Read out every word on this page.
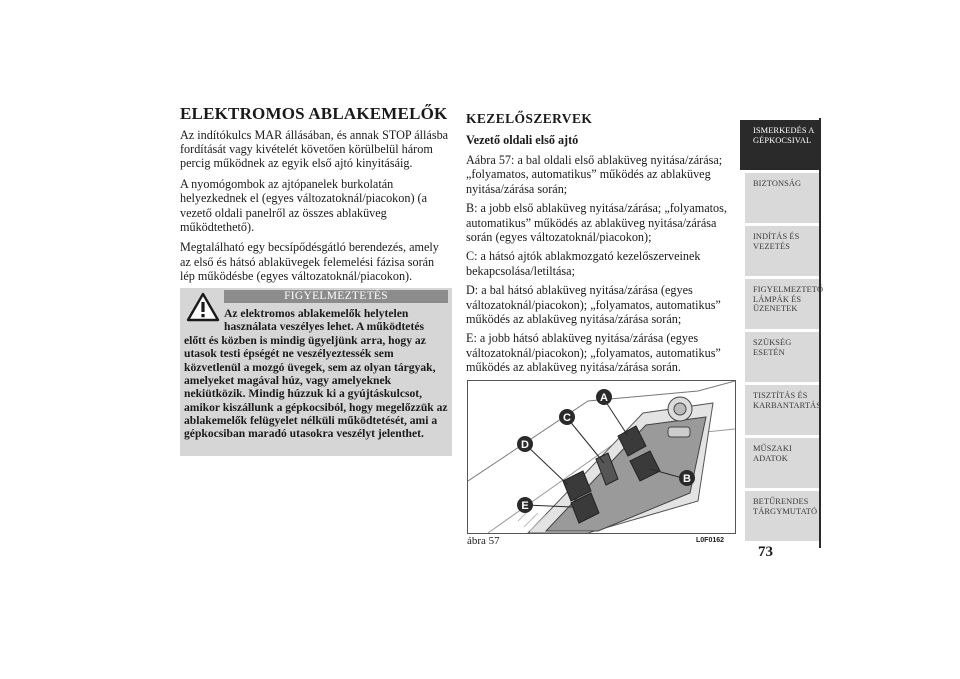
ELEKTROMOS ABLAKEMELŐK

Az indítókulcs MAR állásában, és annak STOP állásba fordítását vagy kivételét követően körülbelül három percig működnek az egyik első ajtó kinyitásáig.

A nyomógombok az ajtópanelek burkolatán helyezkednek el (egyes változatoknál/piacokon) (a vezető oldali panelről az összes ablaküveg működtethető).

Megtalálható egy becsípődésgátló berendezés, amely az első és hátsó ablaküvegek felemelési fázisa során lép működésbe (egyes változatoknál/piacokon).

FIGYELMEZTETÉS
Az elektromos ablakemelők helytelen használata veszélyes lehet. A működtetés
előtt és közben is mindig ügyeljünk arra, hogy az utasok testi épségét ne veszélyeztessék sem közvetlenül a mozgó üvegek, sem az olyan tárgyak, amelyeket magával húz, vagy amelyeknek nekiütközik. Mindig húzzuk ki a gyújtáskulcsot, amikor kiszállunk a gépkocsiból, hogy megelőzzük az ablakemelők felügyelet nélküli működtetését, ami a gépkocsiban maradó utasokra veszélyt jelenthet.
KEZELŐSZERVEK
Vezető oldali első ajtó

Aábra 57: a bal oldali első ablaküveg nyitása/zárása; „folyamatos, automatikus” működés az ablaküveg nyitása/zárása során;

B: a jobb első ablaküveg nyitása/zárása; „folyamatos, automatikus” működés az ablaküveg nyitása/zárása során (egyes változatoknál/piacokon);

C: a hátsó ajtók ablakmozgató kezelőszerveinek bekapcsolása/letiltása;

D: a bal hátsó ablaküveg nyitása/zárása (egyes változatoknál/piacokon); „folyamatos, automatikus” működés az ablaküveg nyitása/zárása során;

E: a jobb hátsó ablaküveg nyitása/zárása (egyes változatoknál/piacokon); „folyamatos, automatikus” működés az ablaküveg nyitása/zárása során.

A
B
C
D
E
ábra 57	L0F0162
ISMERKEDÉS A GÉPKOCSIVAL
BIZTONSÁG
INDÍTÁS ÉS VEZETÉS
FIGYELMEZTETŐ LÁMPÁK ÉS ÜZENETEK
SZÜKSÉG ESETÉN
TISZTÍTÁS ÉS KARBANTARTÁS
MŰSZAKI ADATOK
BETŰRENDES TÁRGYMUTATÓ
73
